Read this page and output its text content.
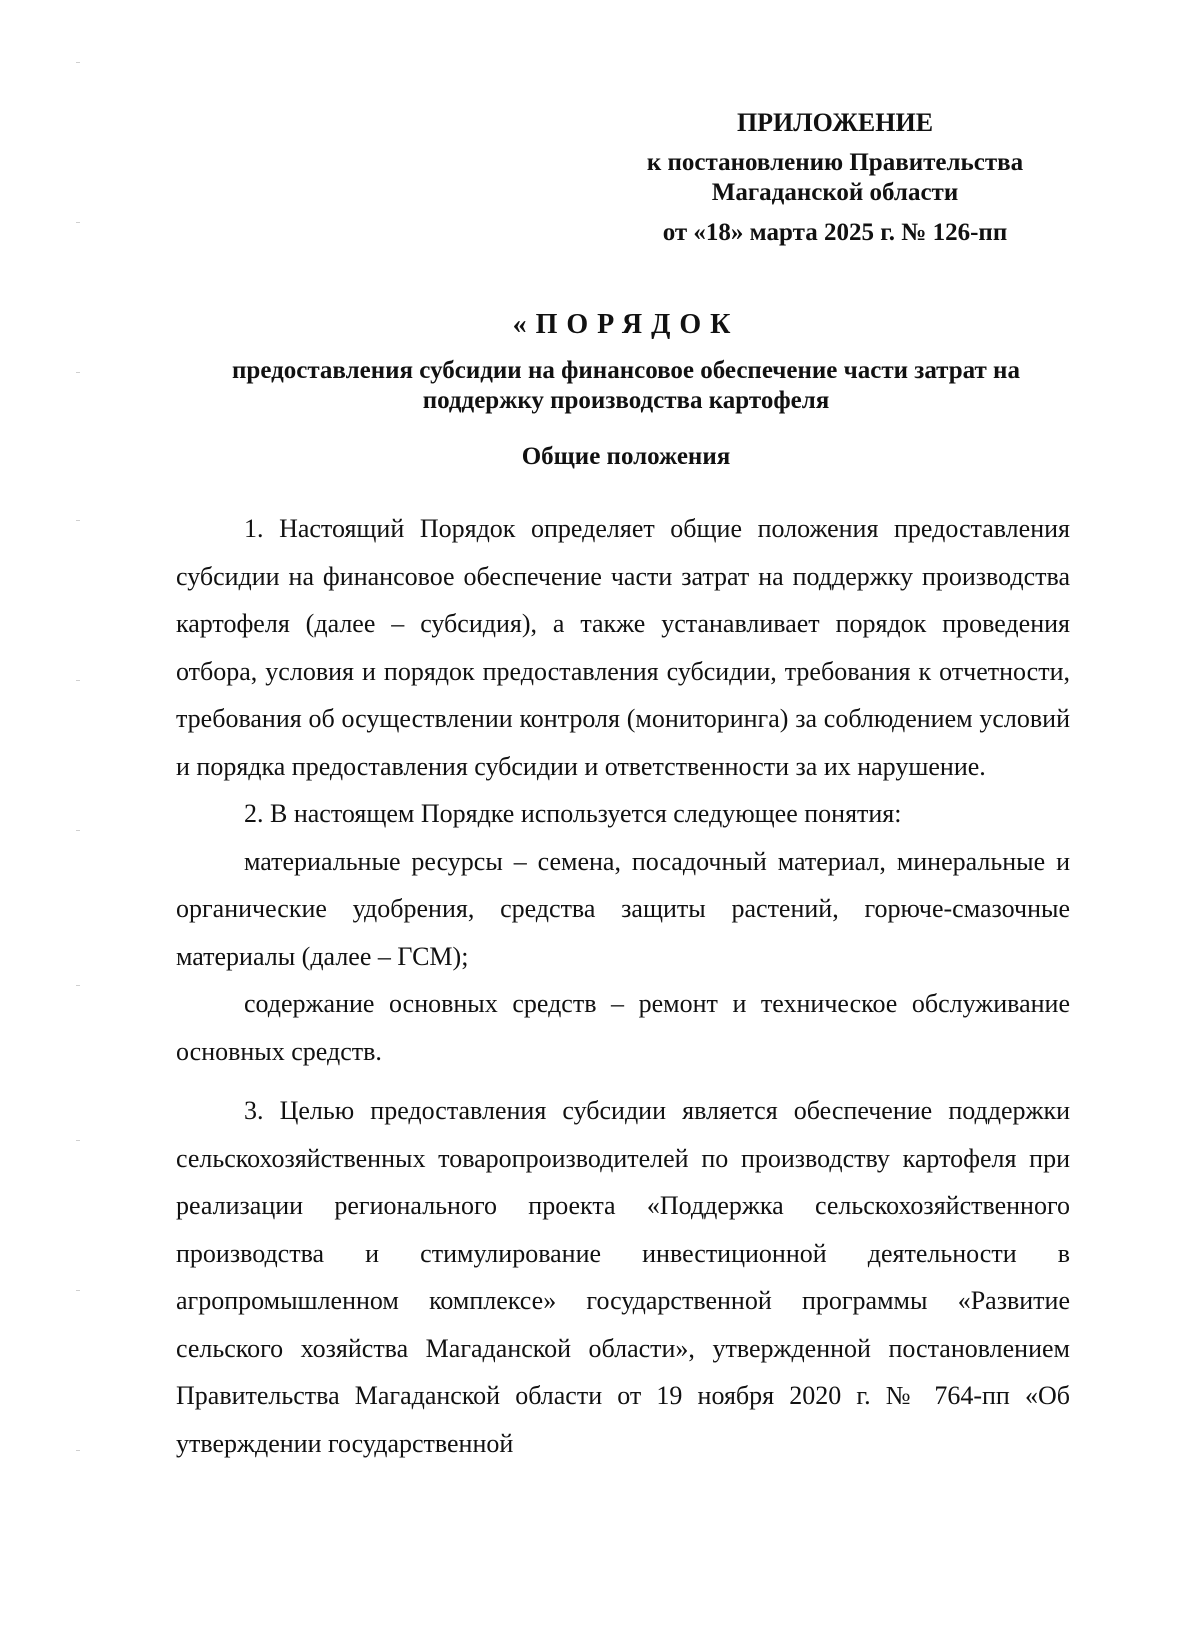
ПРИЛОЖЕНИЕ
к постановлению Правительства
Магаданской области
от «18» марта 2025 г. № 126-пп
«ПОРЯДОК
предоставления субсидии на финансовое обеспечение части затрат на поддержку производства картофеля
Общие положения

1. Настоящий Порядок определяет общие положения предоставления субсидии на финансовое обеспечение части затрат на поддержку производства картофеля (далее – субсидия), а также устанавливает порядок проведения отбора, условия и порядок предоставления субсидии, требования к отчетности, требования об осуществлении контроля (мониторинга) за соблюдением условий и порядка предоставления субсидии и ответственности за их нарушение.

2. В настоящем Порядке используется следующее понятия:

материальные ресурсы – семена, посадочный материал, минеральные и органические удобрения, средства защиты растений, горюче-смазочные материалы (далее – ГСМ);

содержание основных средств – ремонт и техническое обслуживание основных средств.

3. Целью предоставления субсидии является обеспечение поддержки сельскохозяйственных товаропроизводителей по производству картофеля при реализации регионального проекта «Поддержка сельскохозяйственного производства и стимулирование инвестиционной деятельности в агропромышленном комплексе» государственной программы «Развитие сельского хозяйства Магаданской области», утвержденной постановлением Правительства Магаданской области от 19 ноября 2020 г. № 764-пп «Об утверждении государственной
